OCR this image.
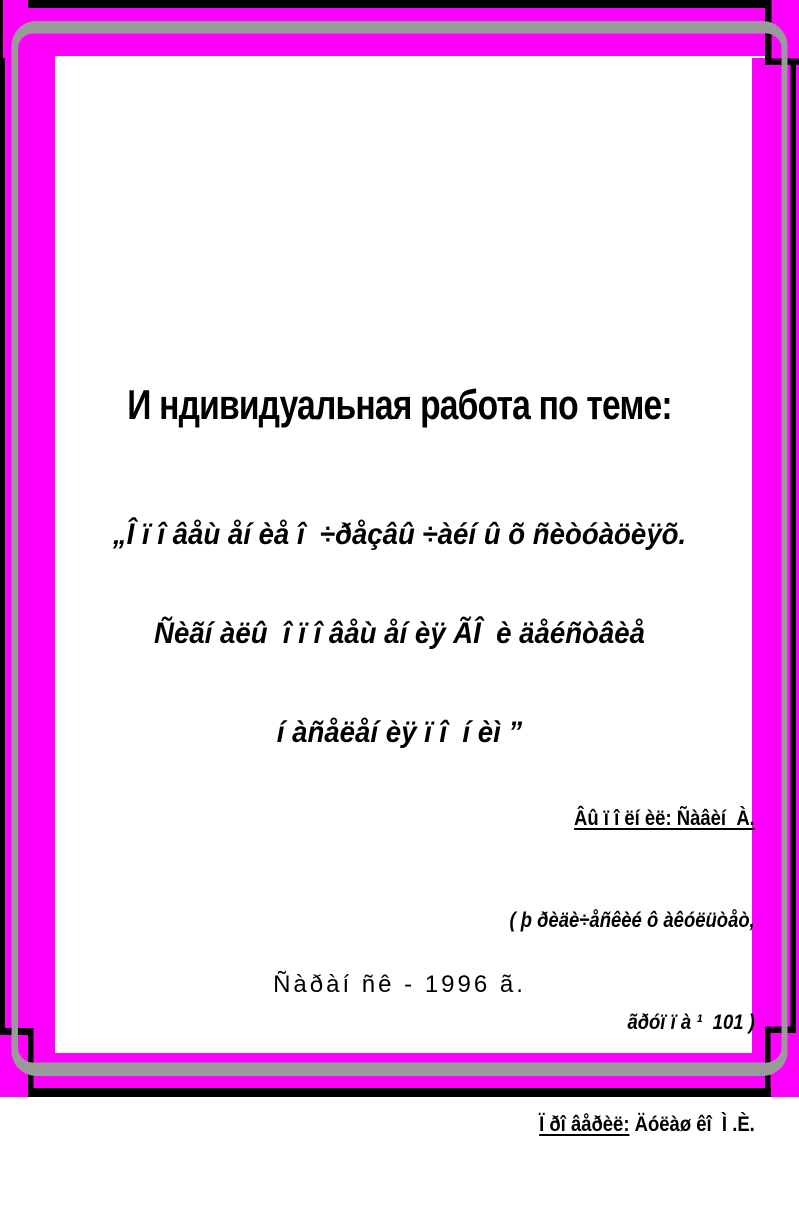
И ндивидуальная работа по теме:

„Î ï î âåù åí èå î  ÷ðåçâû ÷àéí û õ ñèòóàöèÿõ.

Ñèãí àëû  î ï î âåù åí èÿ ÃÎ  è äåéñòâèå

í àñåëåí èÿ ï î  í èì ”

Âû ï î ëí èë: Ñàâèí  À.

( þ ðèäè÷åñêèé ô àêóëüòåò,

ãðóï ï à ¹  101 )

Ï ðî âåðèë: Äóëàø êî  Ì .È.

Ñàðàí ñê - 1996 ã.
